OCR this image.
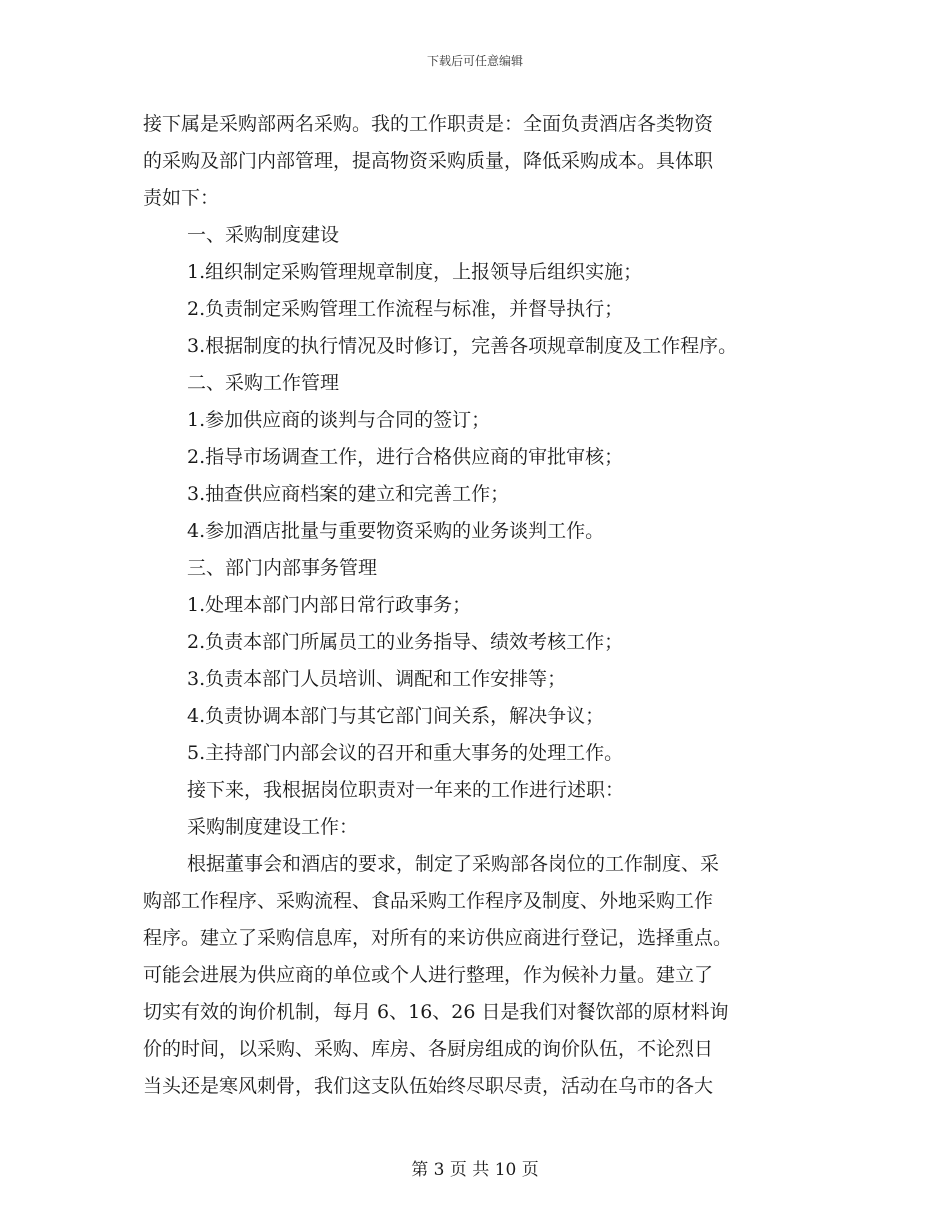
下载后可任意编辑
接下属是采购部两名采购。我的工作职责是：全面负责酒店各类物资
的采购及部门内部管理，提高物资采购质量，降低采购成本。具体职
责如下：
一、采购制度建设
1.组织制定采购管理规章制度，上报领导后组织实施；
2.负责制定采购管理工作流程与标准，并督导执行；
3.根据制度的执行情况及时修订，完善各项规章制度及工作程序。
二、采购工作管理
1.参加供应商的谈判与合同的签订；
2.指导市场调查工作，进行合格供应商的审批审核；
3.抽查供应商档案的建立和完善工作；
4.参加酒店批量与重要物资采购的业务谈判工作。
三、部门内部事务管理
1.处理本部门内部日常行政事务；
2.负责本部门所属员工的业务指导、绩效考核工作；
3.负责本部门人员培训、调配和工作安排等；
4.负责协调本部门与其它部门间关系，解决争议；
5.主持部门内部会议的召开和重大事务的处理工作。
接下来，我根据岗位职责对一年来的工作进行述职：
采购制度建设工作：
根据董事会和酒店的要求，制定了采购部各岗位的工作制度、采
购部工作程序、采购流程、食品采购工作程序及制度、外地采购工作
程序。建立了采购信息库，对所有的来访供应商进行登记，选择重点。
可能会进展为供应商的单位或个人进行整理，作为候补力量。建立了
切实有效的询价机制，每月 6、16、26 日是我们对餐饮部的原材料询
价的时间，以采购、采购、库房、各厨房组成的询价队伍，不论烈日
当头还是寒风刺骨，我们这支队伍始终尽职尽责，活动在乌市的各大
第 3 页 共 10 页
